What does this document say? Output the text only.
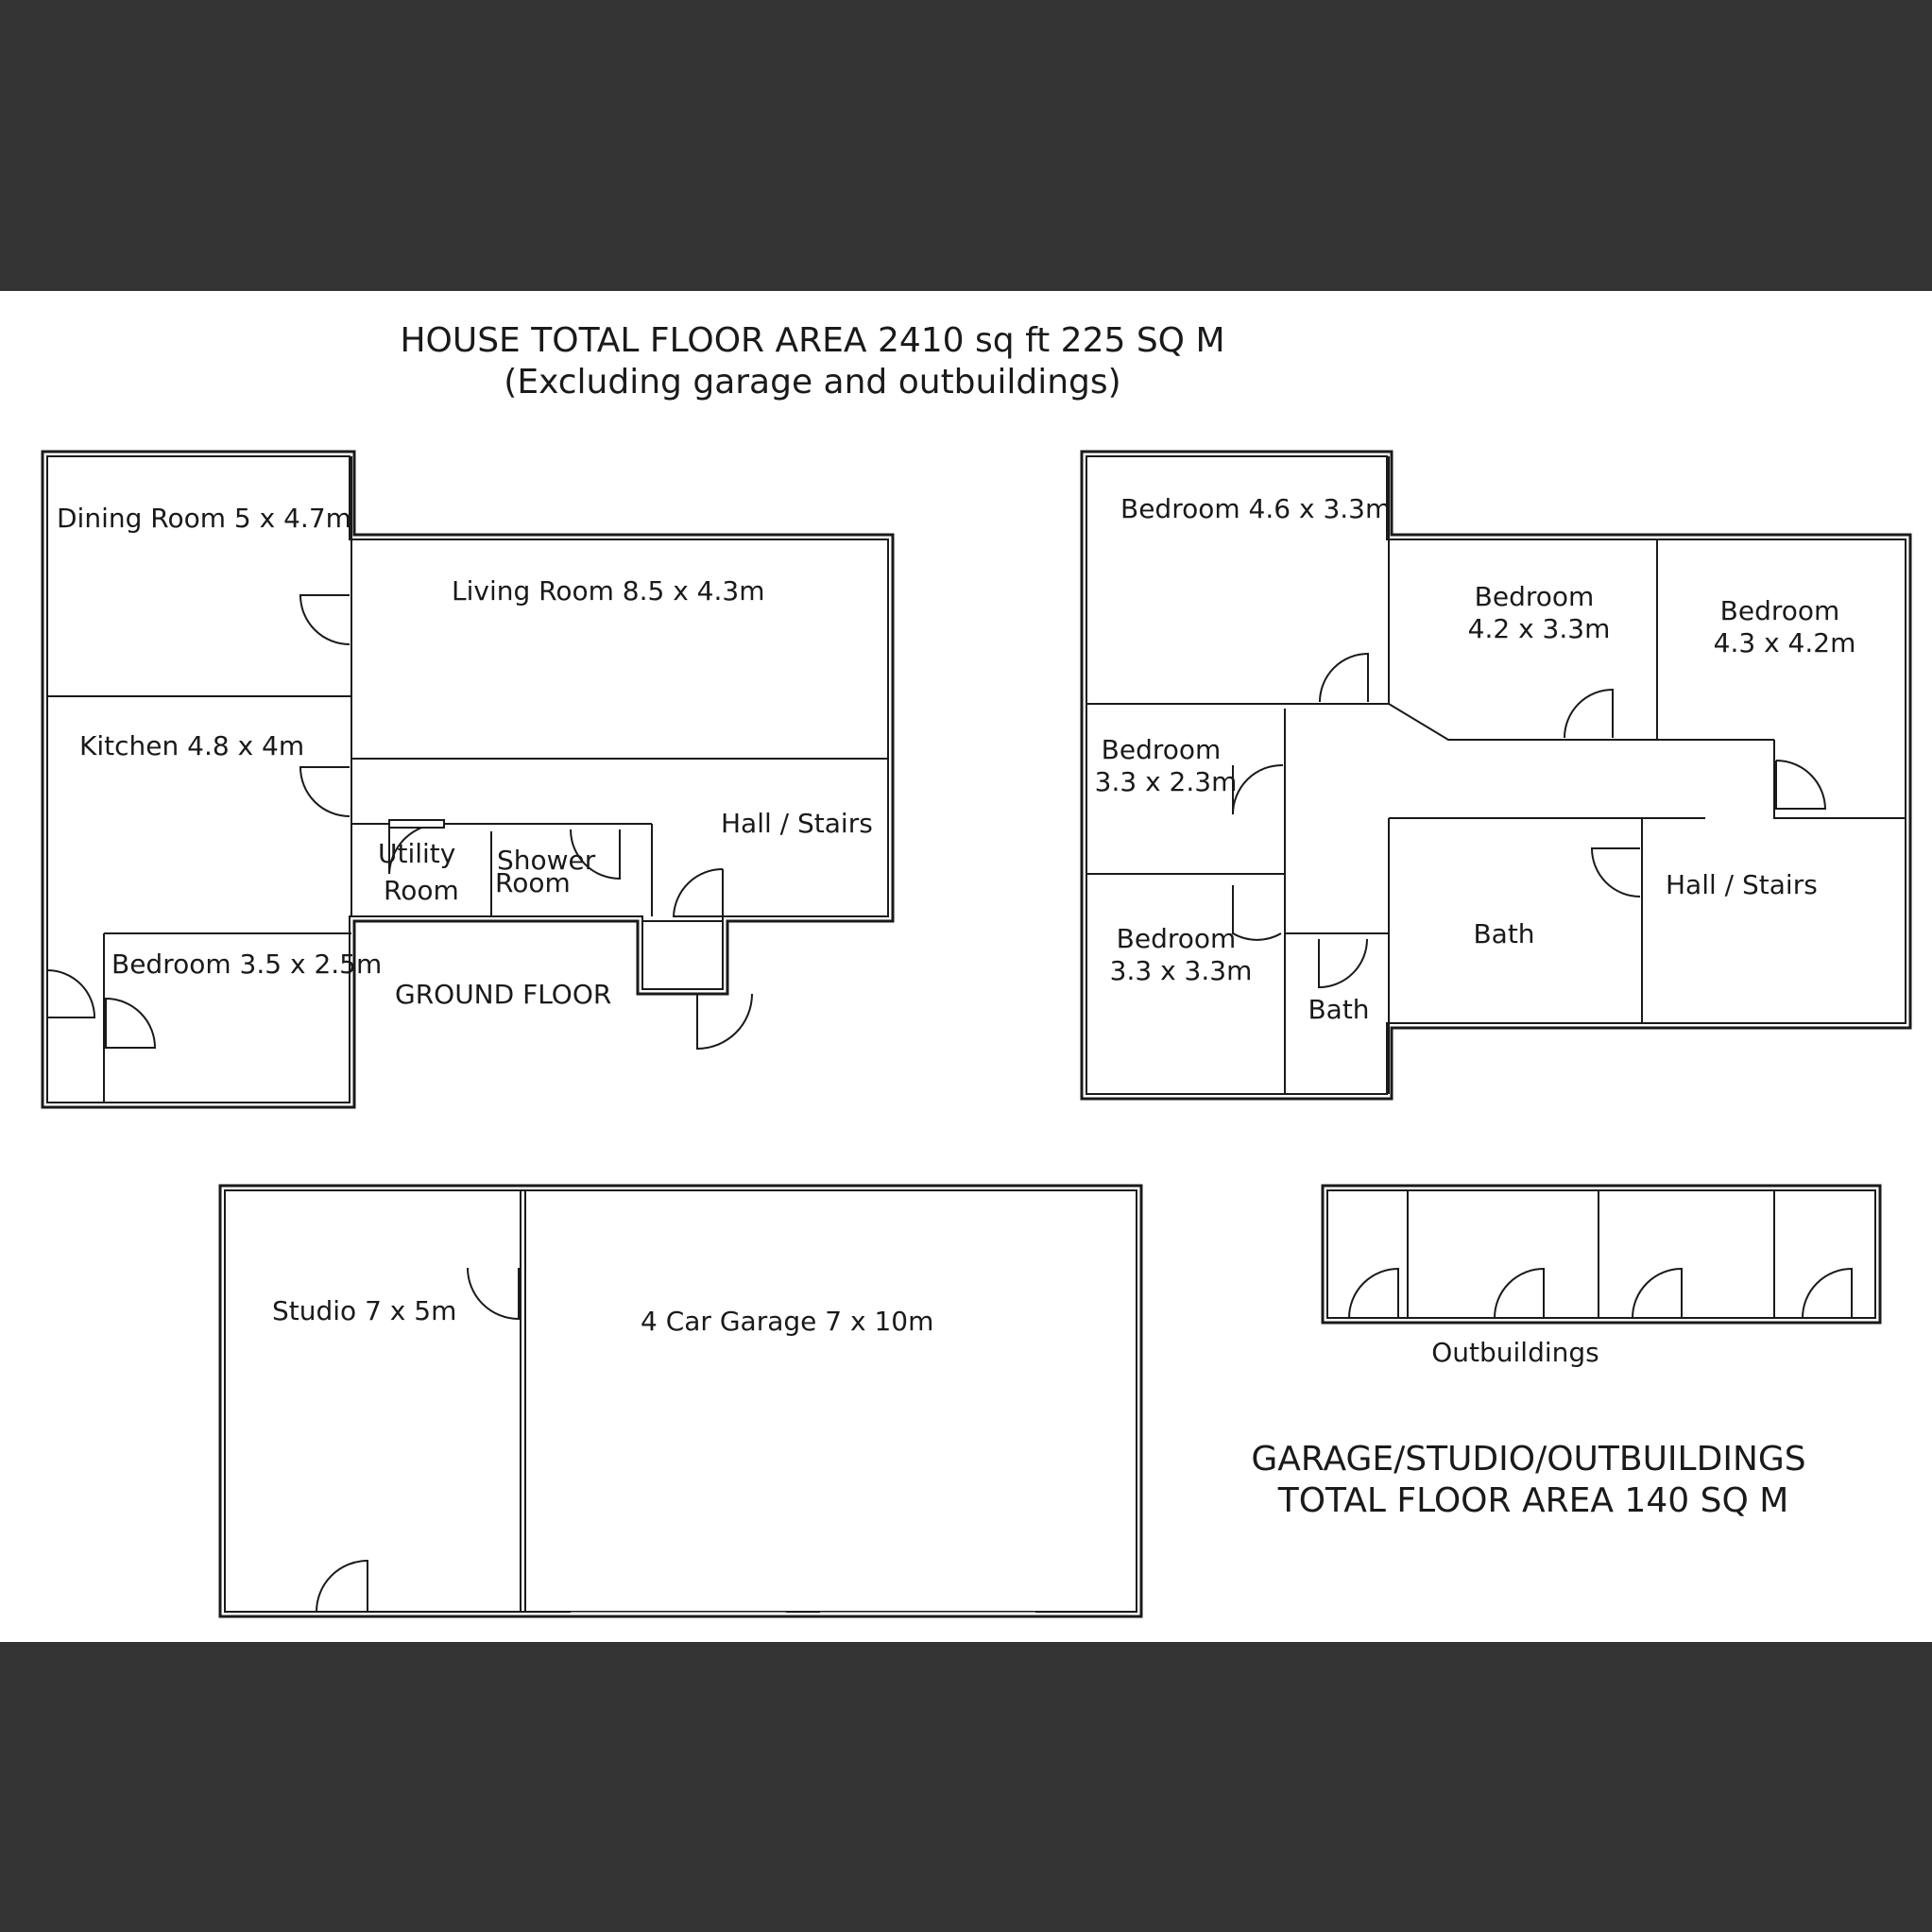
HOUSE TOTAL FLOOR AREA 2410 sq ft 225 SQ M
(Excluding garage and outbuildings)
Dining Room 5 x 4.7m
Living Room 8.5 x 4.3m
Kitchen 4.8 x 4m
Utility
Room
Shower
Room
Hall / Stairs
Bedroom 3.5 x 2.5m
GROUND FLOOR
Bedroom 4.6 x 3.3m
Bedroom
4.2 x 3.3m
Bedroom
4.3 x 4.2m
Bedroom
3.3 x 2.3m
Bedroom
3.3 x 3.3m
Bath
Bath
Hall / Stairs
Studio 7 x 5m	4 Car Garage 7 x 10m
Outbuildings
GARAGE/STUDIO/OUTBUILDINGS
TOTAL FLOOR AREA 140 SQ M
